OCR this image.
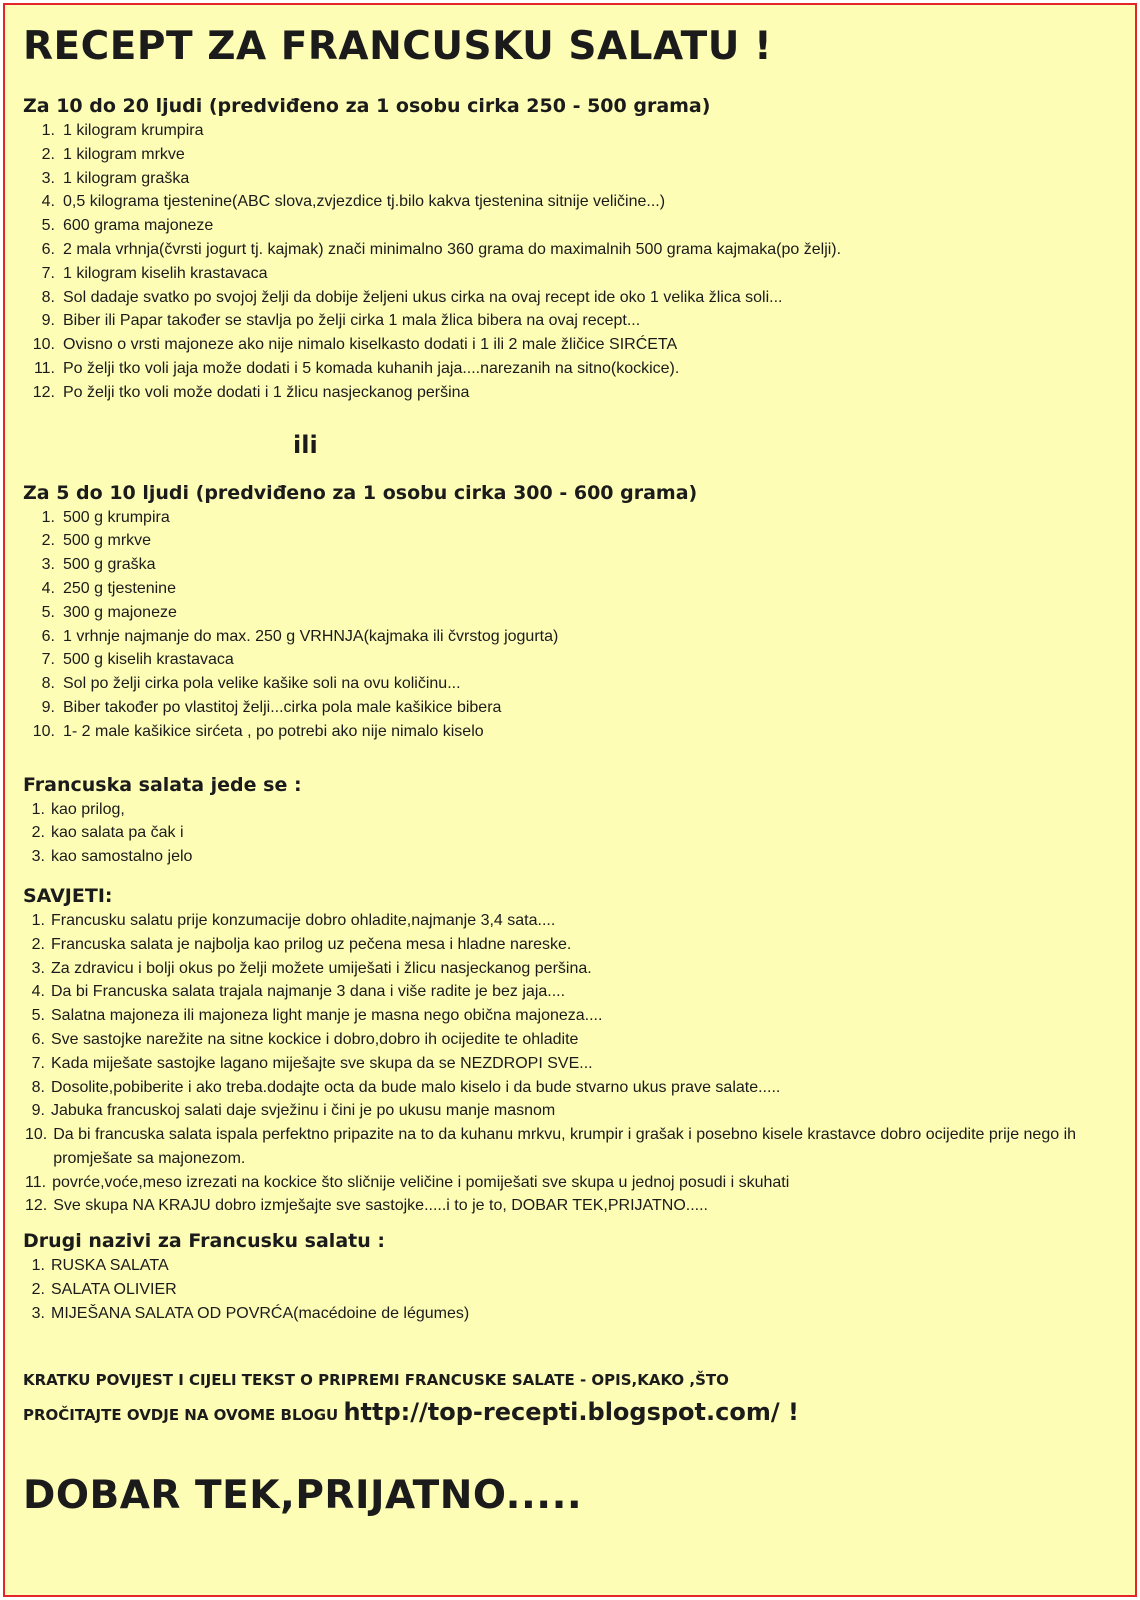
RECEPT ZA FRANCUSKU SALATU !
Za 10 do 20 ljudi (predviđeno za 1 osobu cirka 250 - 500 grama)
1. 1 kilogram krumpira
2. 1 kilogram mrkve
3. 1 kilogram graška
4. 0,5 kilograma tjestenine(ABC slova,zvjezdice tj.bilo kakva tjestenina sitnije veličine...)
5. 600 grama majoneze
6. 2 mala vrhnja(čvrsti jogurt tj. kajmak) znači minimalno 360 grama do maximalnih 500 grama kajmaka(po želji).
7. 1 kilogram kiselih krastavaca
8. Sol dadaje svatko po svojoj želji da dobije željeni ukus cirka na ovaj recept ide oko 1 velika žlica soli...
9. Biber ili Papar također se stavlja po želji cirka 1 mala žlica bibera na ovaj recept...
10. Ovisno o vrsti majoneze ako nije nimalo kiselkasto dodati i 1 ili 2 male žličice SIRĆETA
11. Po želji tko voli jaja može dodati i 5 komada kuhanih jaja....narezanih na sitno(kockice).
12. Po želji tko voli može dodati i 1 žlicu nasjeckanog peršina
ili
Za 5 do 10 ljudi (predviđeno za 1 osobu cirka 300 - 600 grama)
1. 500 g krumpira
2. 500 g mrkve
3. 500 g graška
4. 250 g tjestenine
5. 300 g majoneze
6. 1 vrhnje najmanje do max. 250 g VRHNJA(kajmaka ili čvrstog jogurta)
7. 500 g kiselih krastavaca
8. Sol po želji cirka pola velike kašike soli na ovu količinu...
9. Biber također po vlastitoj želji...cirka pola male kašikice bibera
10. 1- 2 male kašikice sirćeta , po potrebi ako nije nimalo kiselo
Francuska salata jede se :
1. kao prilog,
2. kao salata pa čak i
3. kao samostalno jelo
SAVJETI:
1. Francusku salatu prije konzumacije dobro ohladite,najmanje 3,4 sata....
2. Francuska salata je najbolja kao prilog uz pečena mesa i hladne nareske.
3. Za zdravicu i bolji okus po želji možete umiješati i žlicu nasjeckanog peršina.
4. Da bi Francuska salata trajala najmanje 3 dana i više radite je bez jaja....
5. Salatna majoneza ili majoneza light manje je masna nego obična majoneza....
6. Sve sastojke narežite na sitne kockice i dobro,dobro ih ocijedite te ohladite
7. Kada miješate sastojke lagano miješajte sve skupa da se NEZDROPI SVE...
8. Dosolite,pobiberite i ako treba.dodajte octa da bude malo kiselo i da bude stvarno ukus prave salate.....
9. Jabuka francuskoj salati daje svježinu i čini je po ukusu manje masnom
10. Da bi francuska salata ispala perfektno pripazite na to da kuhanu mrkvu, krumpir i grašak i posebno kisele krastavce dobro ocijedite prije nego ih promješate sa majonezom.
11. povrće,voće,meso izrezati na kockice što sličnije veličine i pomiješati sve skupa u jednoj posudi i skuhati
12. Sve skupa NA KRAJU dobro izmješajte sve sastojke.....i to je to, DOBAR TEK,PRIJATNO.....
Drugi nazivi za Francusku salatu :
1. RUSKA SALATA
2. SALATA OLIVIER
3. MIJEŠANA SALATA OD POVRĆA(macédoine de légumes)
KRATKU POVIJEST I CIJELI TEKST O PRIPREMI FRANCUSKE SALATE - OPIS,KAKO ,ŠTO
PROČITAJTE OVDJE NA OVOME BLOGU http://top-recepti.blogspot.com/ !
DOBAR TEK,PRIJATNO.....
